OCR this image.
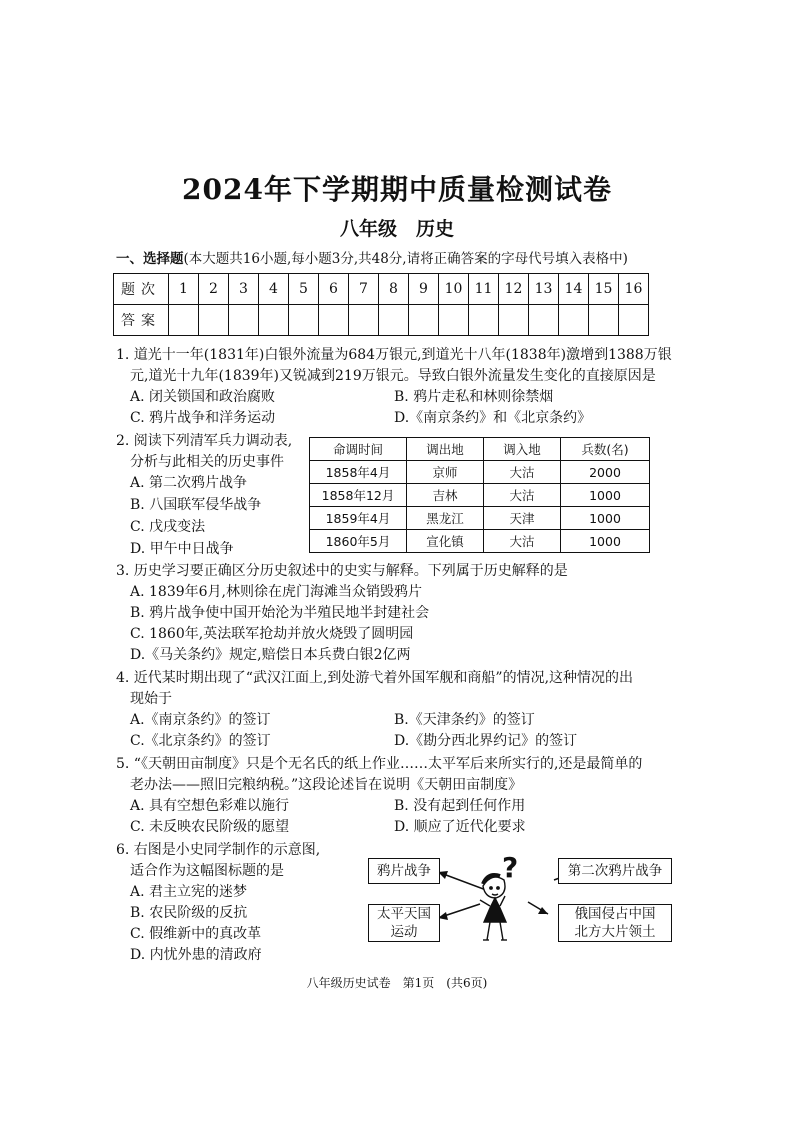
2024年下学期期中质量检测试卷
八年级　历史
一、选择题(本大题共16小题,每小题3分,共48分,请将正确答案的字母代号填入表格中)
题次	1	2	3	4	5	6	7	8	9	10	11	12	13	14	15	16
答案																
1. 道光十一年(1831年)白银外流量为684万银元,到道光十八年(1838年)激增到1388万银
元,道光十九年(1839年)又锐减到219万银元。导致白银外流量发生变化的直接原因是
A. 闭关锁国和政治腐败	B. 鸦片走私和林则徐禁烟
C. 鸦片战争和洋务运动	D.《南京条约》和《北京条约》
2. 阅读下列清军兵力调动表,
分析与此相关的历史事件
A. 第二次鸦片战争
B. 八国联军侵华战争
C. 戊戌变法
D. 甲午中日战争
命调时间	调出地	调入地	兵数(名)
1858年4月	京师	大沽	2000
1858年12月	吉林	大沽	1000
1859年4月	黑龙江	天津	1000
1860年5月	宣化镇	大沽	1000
3. 历史学习要正确区分历史叙述中的史实与解释。下列属于历史解释的是
A. 1839年6月,林则徐在虎门海滩当众销毁鸦片
B. 鸦片战争使中国开始沦为半殖民地半封建社会
C. 1860年,英法联军抢劫并放火烧毁了圆明园
D.《马关条约》规定,赔偿日本兵费白银2亿两
4. 近代某时期出现了“武汉江面上,到处游弋着外国军舰和商船”的情况,这种情况的出
现始于
A.《南京条约》的签订	B.《天津条约》的签订
C.《北京条约》的签订	D.《勘分西北界约记》的签订
5. “《天朝田亩制度》只是个无名氏的纸上作业……太平军后来所实行的,还是最简单的
老办法——照旧完粮纳税。”这段论述旨在说明《天朝田亩制度》
A. 具有空想色彩难以施行	B. 没有起到任何作用
C. 未反映农民阶级的愿望	D. 顺应了近代化要求
6. 右图是小史同学制作的示意图,
适合作为这幅图标题的是
A. 君主立宪的迷梦
B. 农民阶级的反抗
C. 假维新中的真改革
D. 内忧外患的清政府
?
鸦片战争	第二次鸦片战争
太平天国
运动
俄国侵占中国
北方大片领土
八年级历史试卷　第1页　(共6页)
